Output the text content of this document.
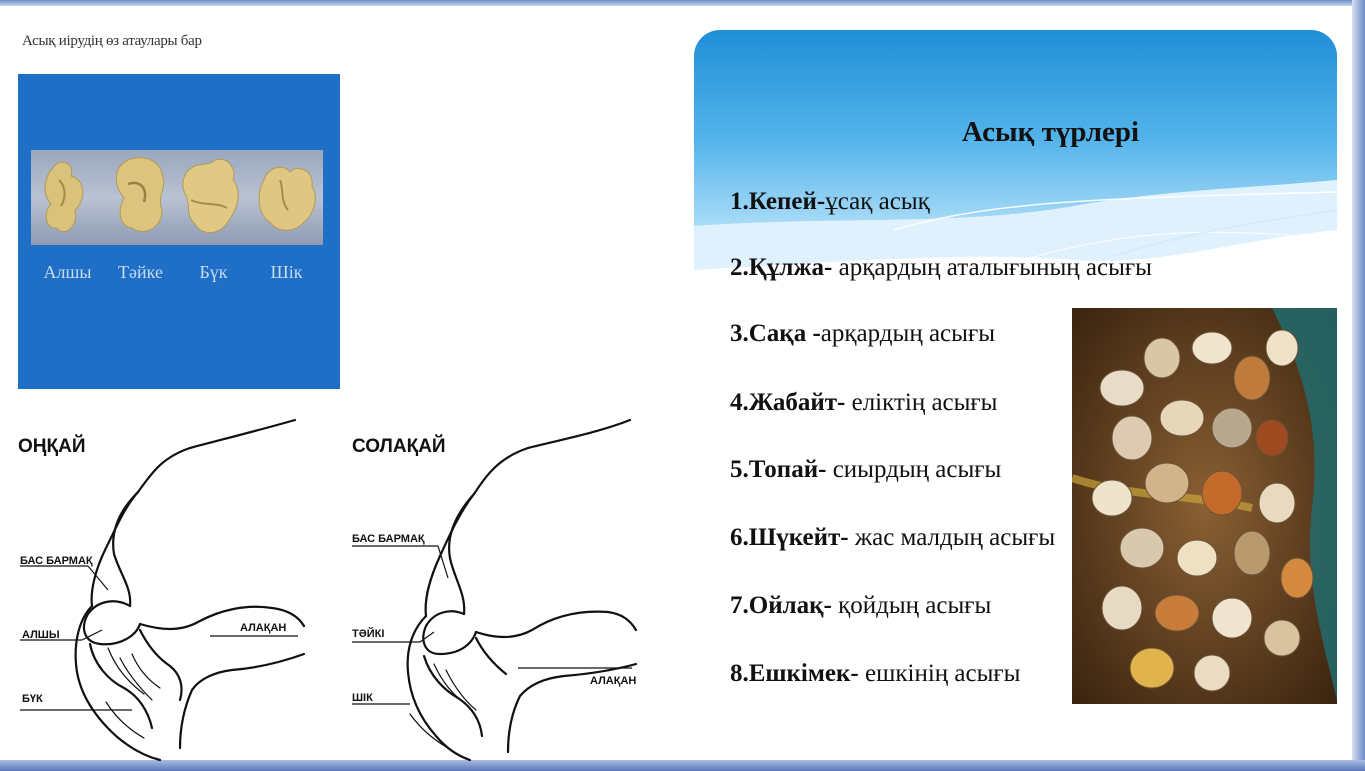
Асық иірудің өз атаулары бар
Алшы	Тәйке	Бүк	Шік
ОҢҚАЙ
БАС БАРМАҚ
АЛШЫ
АЛАҚАН
БҮК
СОЛАҚАЙ
БАС БАРМАҚ
ТӘЙКІ
АЛАҚАН
ШІК
Асық түрлері
1.Кепей-ұсақ асық
2.Құлжа- арқардың аталығының асығы
3.Сақа -арқардың асығы
4.Жабайт- еліктің асығы
5.Топай- сиырдың асығы
6.Шүкейт- жас малдың асығы
7.Ойлақ- қойдың асығы
8.Ешкімек- ешкінің асығы
